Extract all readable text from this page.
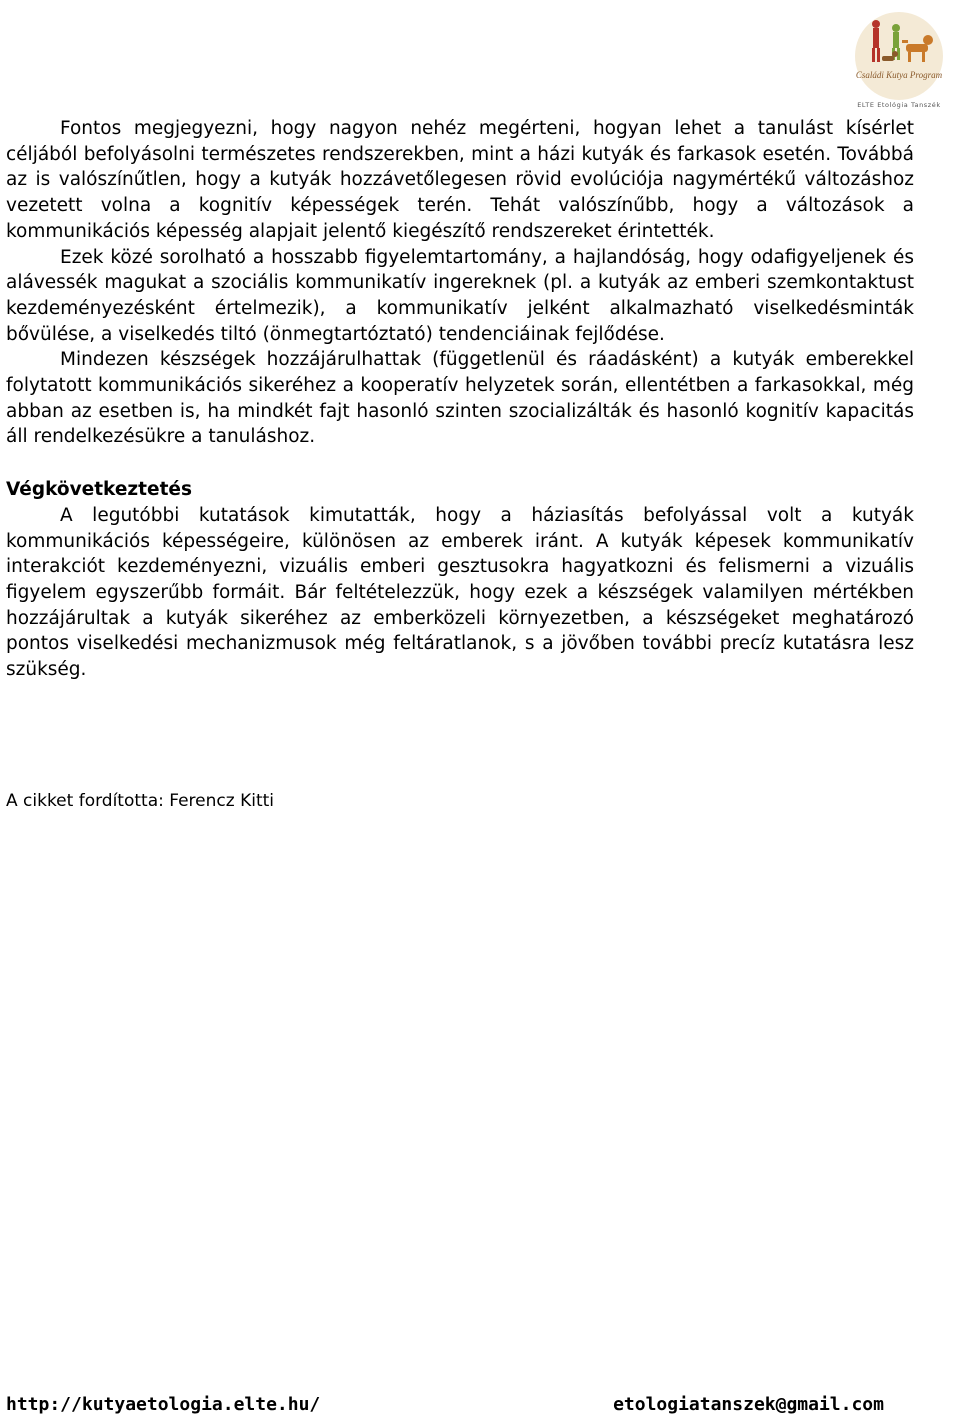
Családi Kutya Program
ELTE Etológia Tanszék

Fontos megjegyezni, hogy nagyon nehéz megérteni, hogyan lehet a tanulást kísérlet céljából befolyásolni természetes rendszerekben, mint a házi kutyák és farkasok esetén. Továbbá az is valószínűtlen, hogy a kutyák hozzávetőlegesen rövid evolúciója nagymértékű változáshoz vezetett volna a kognitív képességek terén. Tehát valószínűbb, hogy a változások a kommunikációs képesség alapjait jelentő kiegészítő rendszereket érintették.

Ezek közé sorolható a hosszabb figyelemtartomány, a hajlandóság, hogy odafigyeljenek és alávessék magukat a szociális kommunikatív ingereknek (pl. a kutyák az emberi szemkontaktust kezdeményezésként értelmezik), a kommunikatív jelként alkalmazható viselkedésminták bővülése, a viselkedés tiltó (önmegtartóztató) tendenciáinak fejlődése.

Mindezen készségek hozzájárulhattak (függetlenül és ráadásként) a kutyák emberekkel folytatott kommunikációs sikeréhez a kooperatív helyzetek során, ellentétben a farkasokkal, még abban az esetben is, ha mindkét fajt hasonló szinten szocializálták és hasonló kognitív kapacitás áll rendelkezésükre a tanuláshoz.

Végkövetkeztetés

A legutóbbi kutatások kimutatták, hogy a háziasítás befolyással volt a kutyák kommunikációs képességeire, különösen az emberek iránt. A kutyák képesek kommunikatív interakciót kezdeményezni, vizuális emberi gesztusokra hagyatkozni és felismerni a vizuális figyelem egyszerűbb formáit. Bár feltételezzük, hogy ezek a készségek valamilyen mértékben hozzájárultak a kutyák sikeréhez az emberközeli környezetben, a készségeket meghatározó pontos viselkedési mechanizmusok még feltáratlanok, s a jövőben további precíz kutatásra lesz szükség.

A cikket fordította: Ferencz Kitti
http://kutyaetologia.elte.hu/	etologiatanszek@gmail.com
